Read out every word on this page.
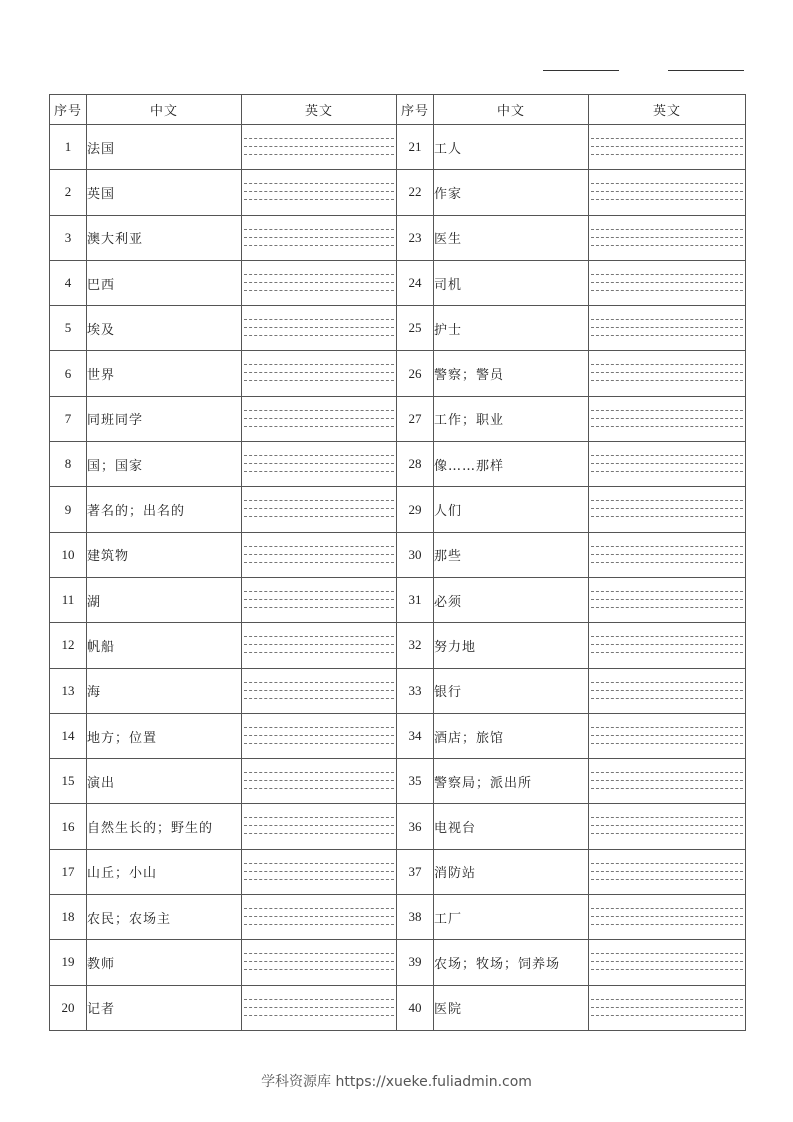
序号	中文	英文	序号	中文	英文
1	法国		21	工人	

2	英国		22	作家	

3	澳大利亚		23	医生	

4	巴西		24	司机	

5	埃及		25	护士	

6	世界		26	警察；警员	

7	同班同学		27	工作；职业	

8	国；国家		28	像……那样	

9	著名的；出名的		29	人们	

10	建筑物		30	那些	

11	湖		31	必须	

12	帆船		32	努力地	

13	海		33	银行	

14	地方；位置		34	酒店；旅馆	

15	演出		35	警察局；派出所	

16	自然生长的；野生的		36	电视台	

17	山丘；小山		37	消防站	

18	农民；农场主		38	工厂	

19	教师		39	农场；牧场；饲养场	

20	记者		40	医院	
学科资源库 https://xueke.fuliadmin.com
